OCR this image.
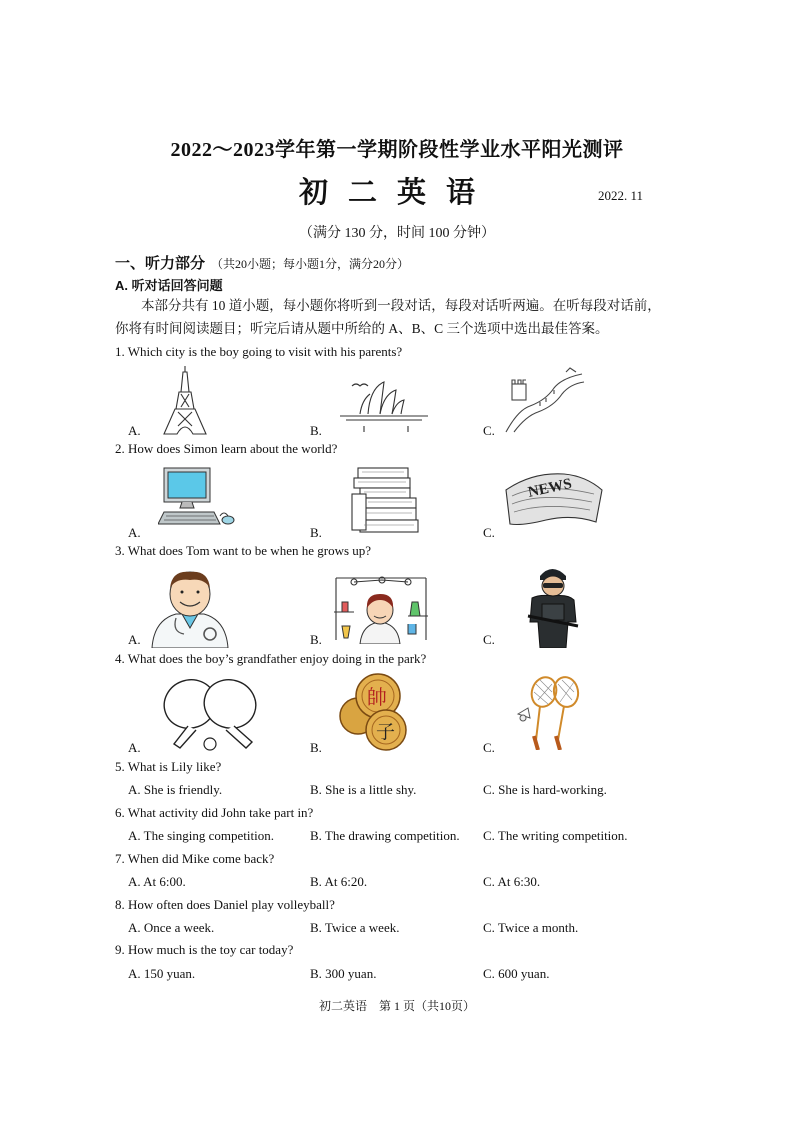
2022～2023学年第一学期阶段性学业水平阳光测评
初二英语	2022. 11
（满分 130 分，时间 100 分钟）
一、听力部分 （共20小题；每小题1分，满分20分）
A. 听对话回答问题
本部分共有 10 道小题，每小题你将听到一段对话，每段对话听两遍。在听每段对话前，
你将有时间阅读题目；听完后请从题中所给的 A、B、C 三个选项中选出最佳答案。
1. Which city is the boy going to visit with his parents?
A.	B.	C.
2. How does Simon learn about the world?
A.	B.	C.
NEWS
3. What does Tom want to be when he grows up?
A.	B.	C.
4. What does the boy’s grandfather enjoy doing in the park?
A.	B.	C.
帥
子
5. What is Lily like?
A. She is friendly.	B. She is a little shy.	C. She is hard-working.
6. What activity did John take part in?
A. The singing competition.	B. The drawing competition. C. The writing competition.
7. When did Mike come back?
A. At 6:00.	B. At 6:20.	C. At 6:30.
8. How often does Daniel play volleyball?
A. Once a week.	B. Twice a week.	C. Twice a month.
9. How much is the toy car today?
A. 150 yuan.	B. 300 yuan.	C. 600 yuan.
初二英语　第 1 页（共10页）
